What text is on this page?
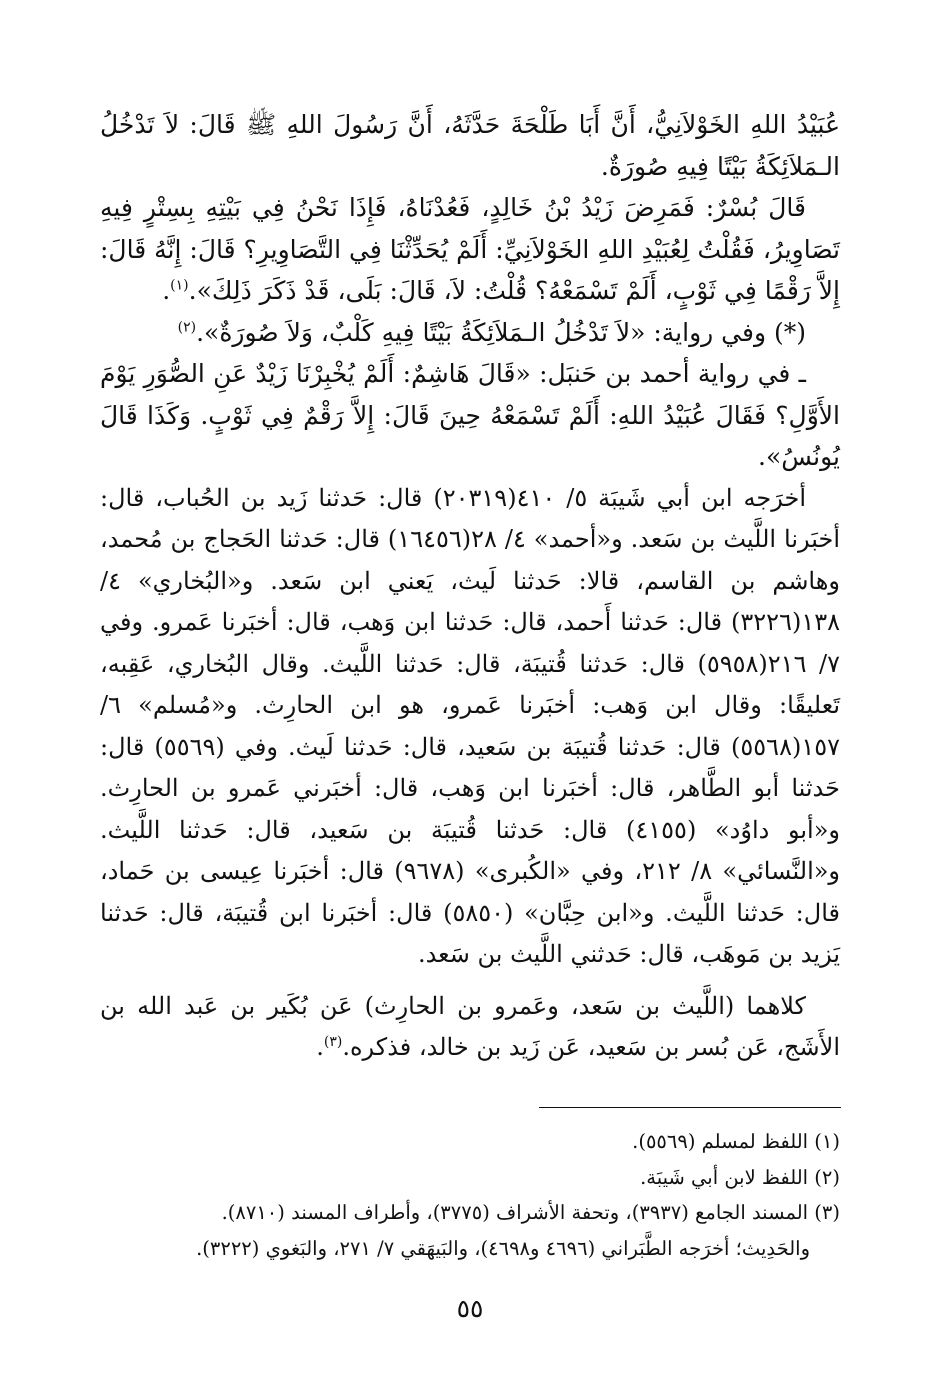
عُبَيْدُ اللهِ الخَوْلاَنِيُّ، أَنَّ أَبَا طَلْحَةَ حَدَّثَهُ، أَنَّ رَسُولَ اللهِ ﷺ قَالَ: لاَ تَدْخُلُ الـمَلاَئِكَةُ بَيْتًا فِيهِ صُورَةٌ.

قَالَ بُسْرٌ: فَمَرِضَ زَيْدُ بْنُ خَالِدٍ، فَعُدْنَاهُ، فَإِذَا نَحْنُ فِي بَيْتِهِ بِسِتْرٍ فِيهِ تَصَاوِيرُ، فَقُلْتُ لِعُبَيْدِ اللهِ الخَوْلاَنِيِّ: أَلَمْ يُحَدِّثْنَا فِي التَّصَاوِيرِ؟ قَالَ: إِنَّهُ قَالَ: إِلاَّ رَقْمًا فِي ثَوْبٍ، أَلَمْ تَسْمَعْهُ؟ قُلْتُ: لاَ، قَالَ: بَلَى، قَدْ ذَكَرَ ذَلِكَ».$^{(١)}$.

(*) وفي رواية: «لاَ تَدْخُلُ الـمَلاَئِكَةُ بَيْتًا فِيهِ كَلْبٌ، وَلاَ صُورَةٌ».$^{(٢)}$

ـ في رواية أحمد بن حَنبَل: «قَالَ هَاشِمٌ: أَلَمْ يُخْبِرْنَا زَيْدٌ عَنِ الصُّوَرِ يَوْمَ الأَوَّلِ؟ فَقَالَ عُبَيْدُ اللهِ: أَلَمْ تَسْمَعْهُ حِينَ قَالَ: إِلاَّ رَقْمٌ فِي ثَوْبٍ. وَكَذَا قَالَ يُونُسُ».

أخرَجه ابن أبي شَيبَة ٥/ ٤١٠(٢٠٣١٩) قال: حَدثنا زَيد بن الحُباب، قال: أخبَرنا اللَّيث بن سَعد. و«أحمد» ٤/ ٢٨(١٦٤٥٦) قال: حَدثنا الحَجاج بن مُحمد، وهاشم بن القاسم، قالا: حَدثنا لَيث، يَعني ابن سَعد. و«البُخاري» ٤/ ١٣٨(٣٢٢٦) قال: حَدثنا أَحمد، قال: حَدثنا ابن وَهب، قال: أخبَرنا عَمرو. وفي ٧/ ٢١٦(٥٩٥٨) قال: حَدثنا قُتيبَة، قال: حَدثنا اللَّيث. وقال البُخاري، عَقِبه، تَعليقًا: وقال ابن وَهب: أخبَرنا عَمرو، هو ابن الحارِث. و«مُسلم» ٦/ ١٥٧(٥٥٦٨) قال: حَدثنا قُتيبَة بن سَعيد، قال: حَدثنا لَيث. وفي (٥٥٦٩) قال: حَدثنا أبو الطَّاهر، قال: أخبَرنا ابن وَهب، قال: أخبَرني عَمرو بن الحارِث. و«أبو داوُد» (٤١٥٥) قال: حَدثنا قُتيبَة بن سَعيد، قال: حَدثنا اللَّيث. و«النَّسائي» ٨/ ٢١٢، وفي «الكُبرى» (٩٦٧٨) قال: أخبَرنا عِيسى بن حَماد، قال: حَدثنا اللَّيث. و«ابن حِبَّان» (٥٨٥٠) قال: أخبَرنا ابن قُتيبَة، قال: حَدثنا يَزيد بن مَوهَب، قال: حَدثني اللَّيث بن سَعد.

كلاهما (اللَّيث بن سَعد، وعَمرو بن الحارِث) عَن بُكَير بن عَبد الله بن الأَشَج، عَن بُسر بن سَعيد، عَن زَيد بن خالد، فذكره.$^{(٣)}$.

(١) اللفظ لمسلم (٥٥٦٩).

(٢) اللفظ لابن أبي شَيبَة.

(٣) المسند الجامع (٣٩٣٧)، وتحفة الأشراف (٣٧٧٥)، وأطراف المسند (٨٧١٠).

والحَدِيث؛ أخرَجه الطَّبَراني (٤٦٩٦ و٤٦٩٨)، والبَيهَقي ٧/ ٢٧١، والبَغوي (٣٢٢٢).

٥٥
